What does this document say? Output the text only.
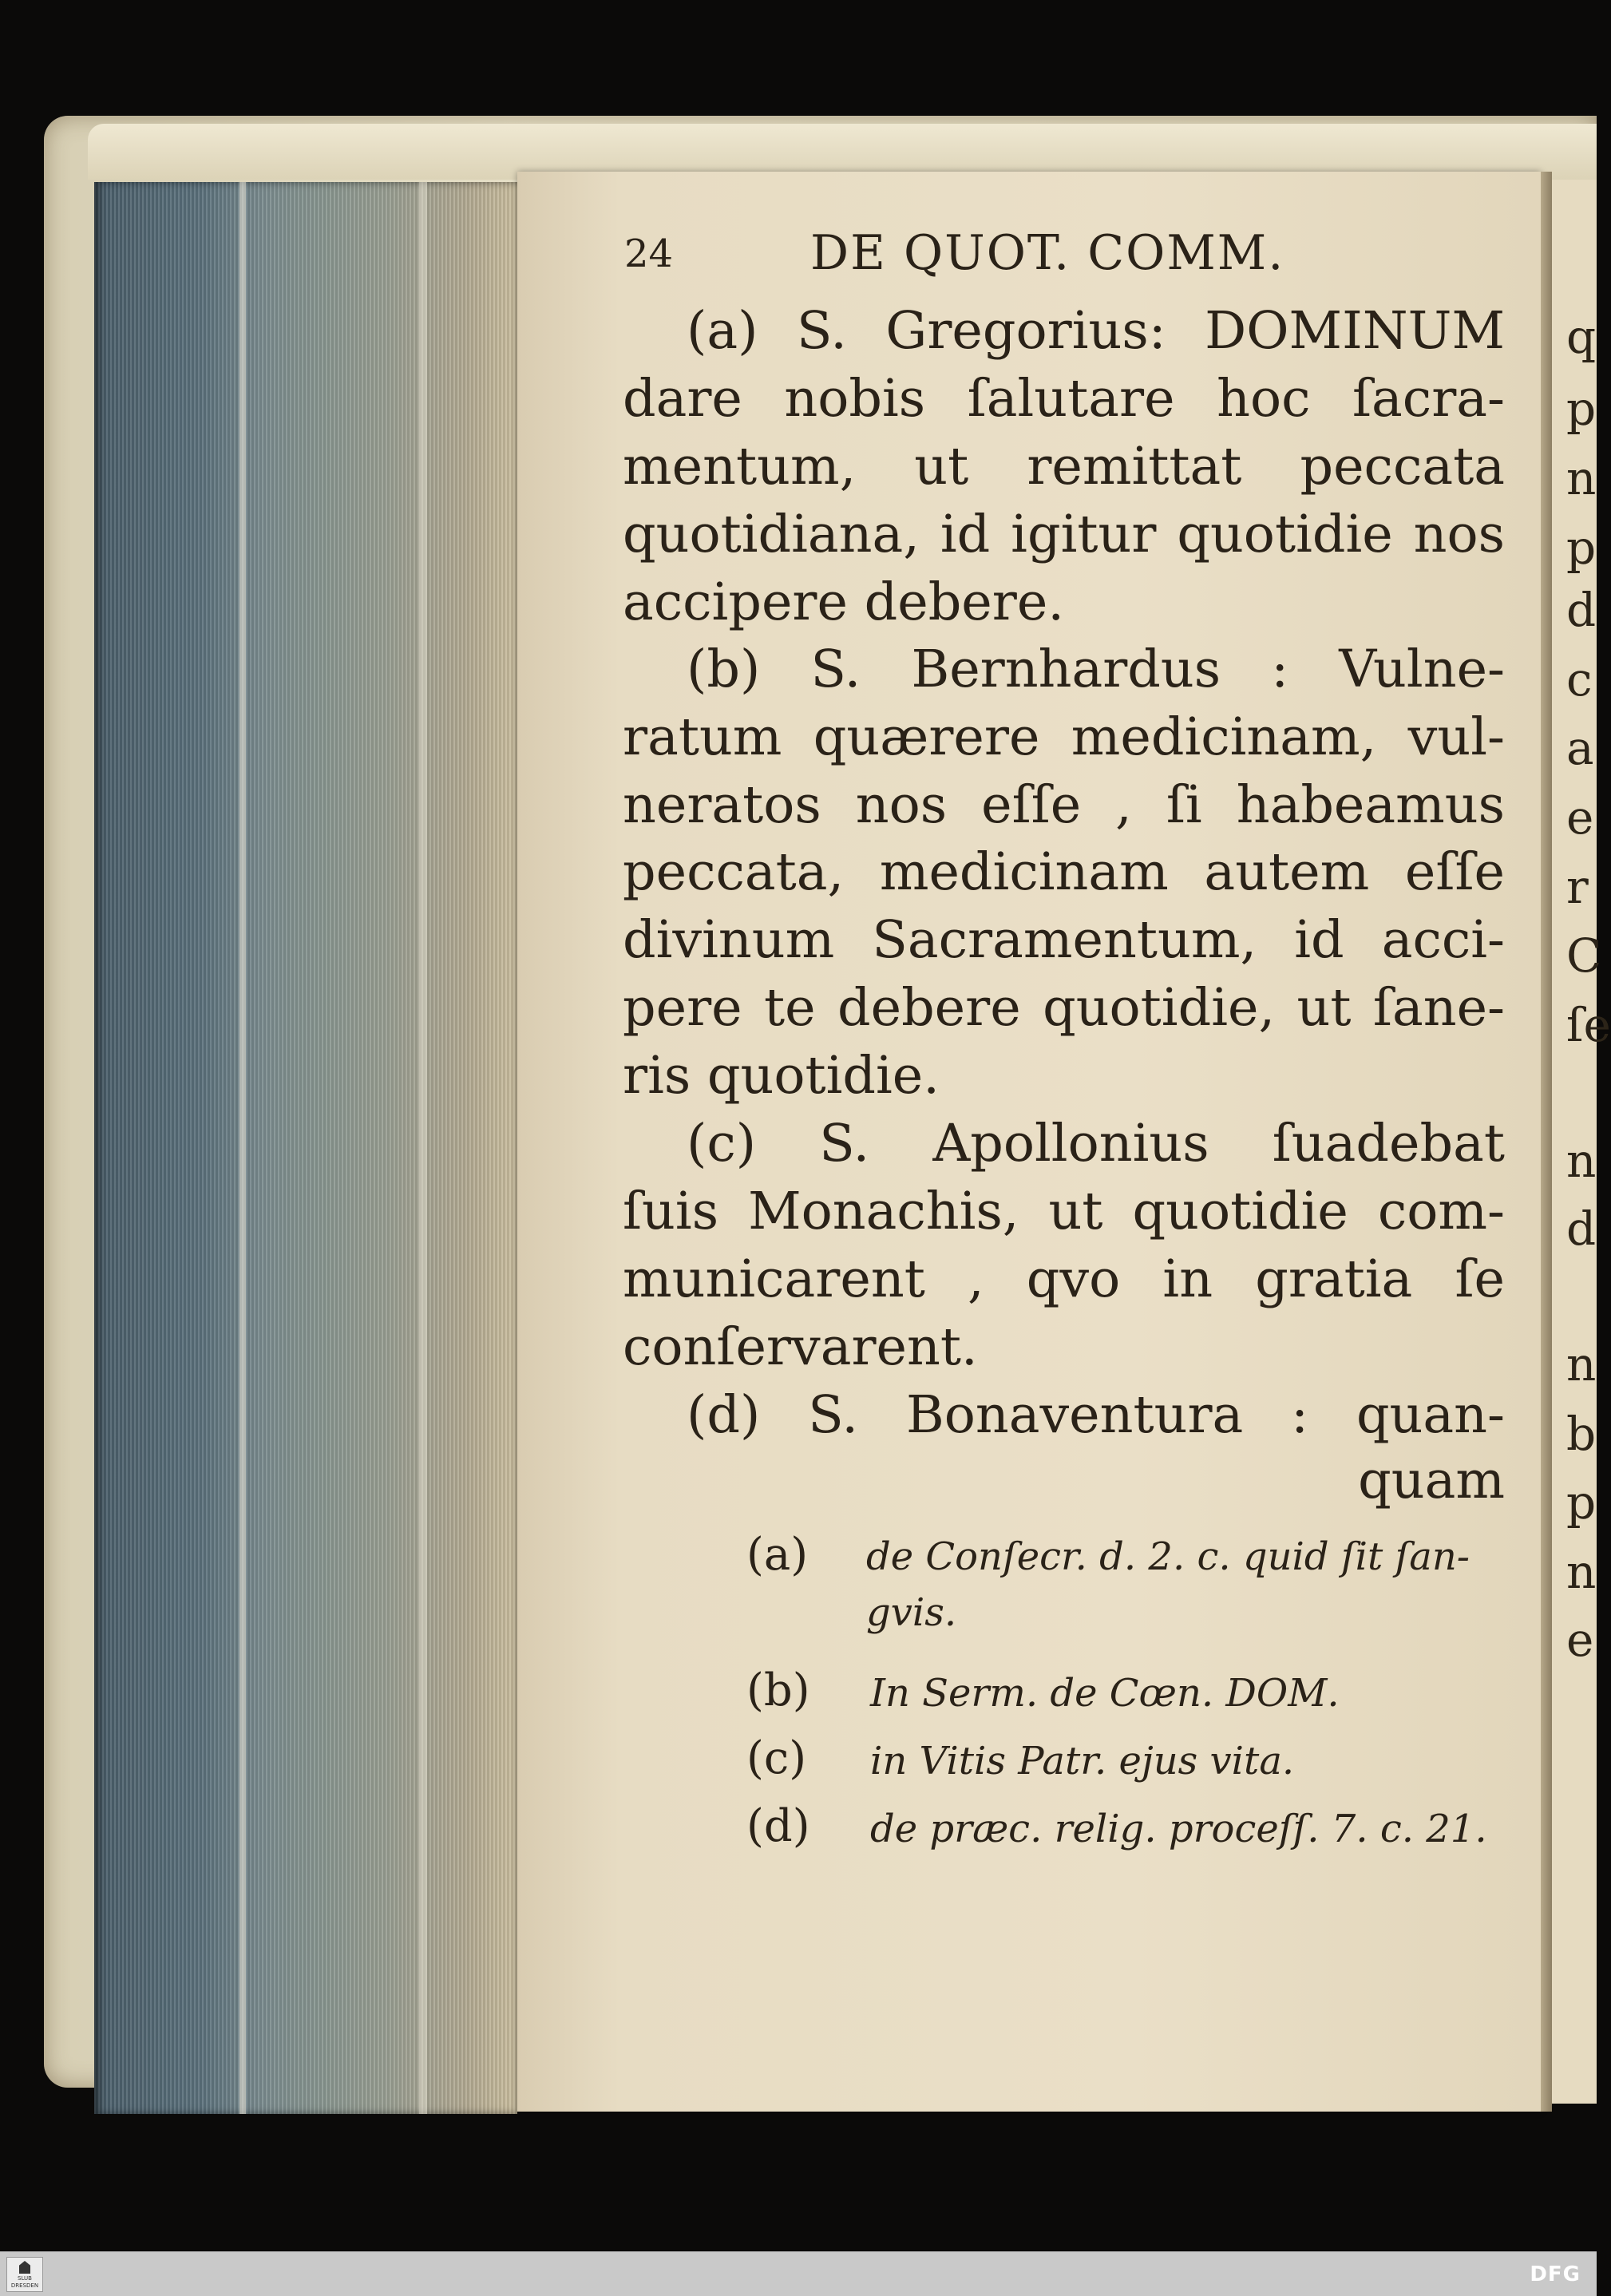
q
p
n
p
d
c
a
e
r
C
ſe
n
d
n
b
p
n
e
24	DE QUOT. COMM.
(a) S. Gregorius: DOMINUM
dare nobis ſalutare hoc ſacra-
mentum, ut remittat peccata
quotidiana, id igitur quotidie nos
accipere debere.
(b) S. Bernhardus : Vulne-
ratum quærere medicinam, vul-
neratos nos eſſe , ſi habeamus
peccata, medicinam autem eſſe
divinum Sacramentum, id acci-
pere te debere quotidie, ut ſane-
ris quotidie.
(c) S. Apollonius ſuadebat
ſuis Monachis, ut quotidie com-
municarent , qvo in gratia ſe
conſervarent.
(d) S. Bonaventura : quan-
quam
(a) de Conſecr. d. 2. c. quid ſit ſan-
gvis.
(b) In Serm. de Cœn. DOM.
(c) in Vitis Patr. ejus vita.
(d) de præc. relig. proceſſ. 7. c. 21.
SLUB DRESDEN	DFG
